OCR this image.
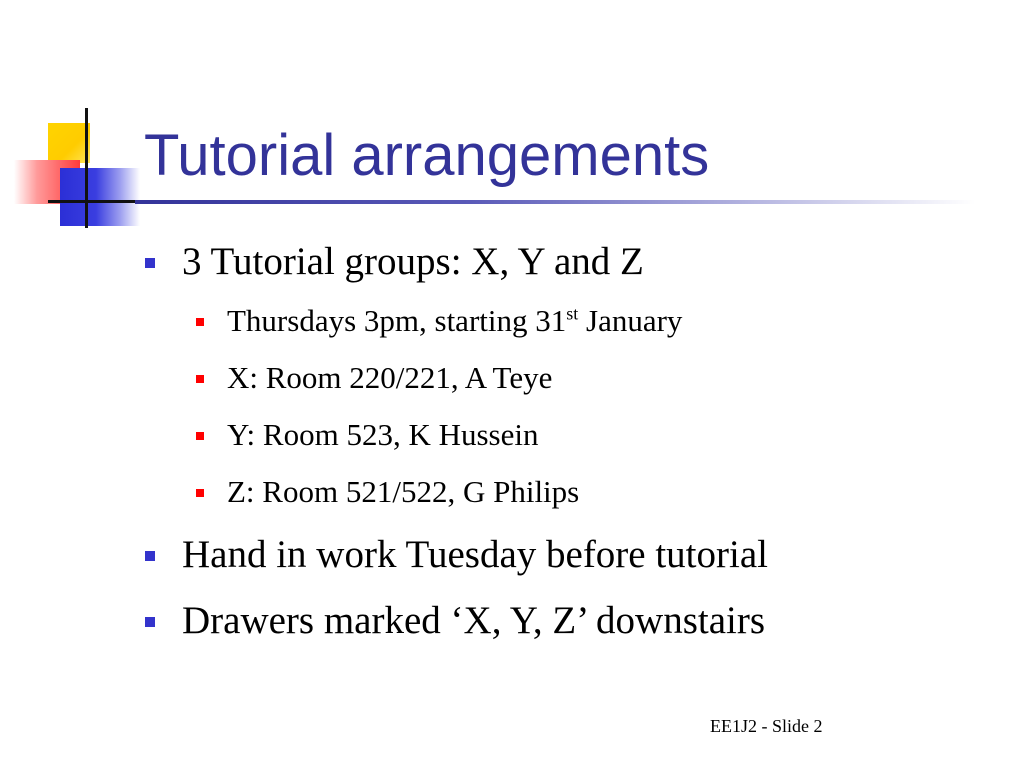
Tutorial arrangements
3 Tutorial groups: X, Y and Z
Thursdays 3pm, starting 31st January
X: Room 220/221, A Teye
Y: Room 523, K Hussein
Z: Room 521/522, G Philips
Hand in work Tuesday before tutorial
Drawers marked ‘X, Y, Z’ downstairs
EE1J2 - Slide 2
